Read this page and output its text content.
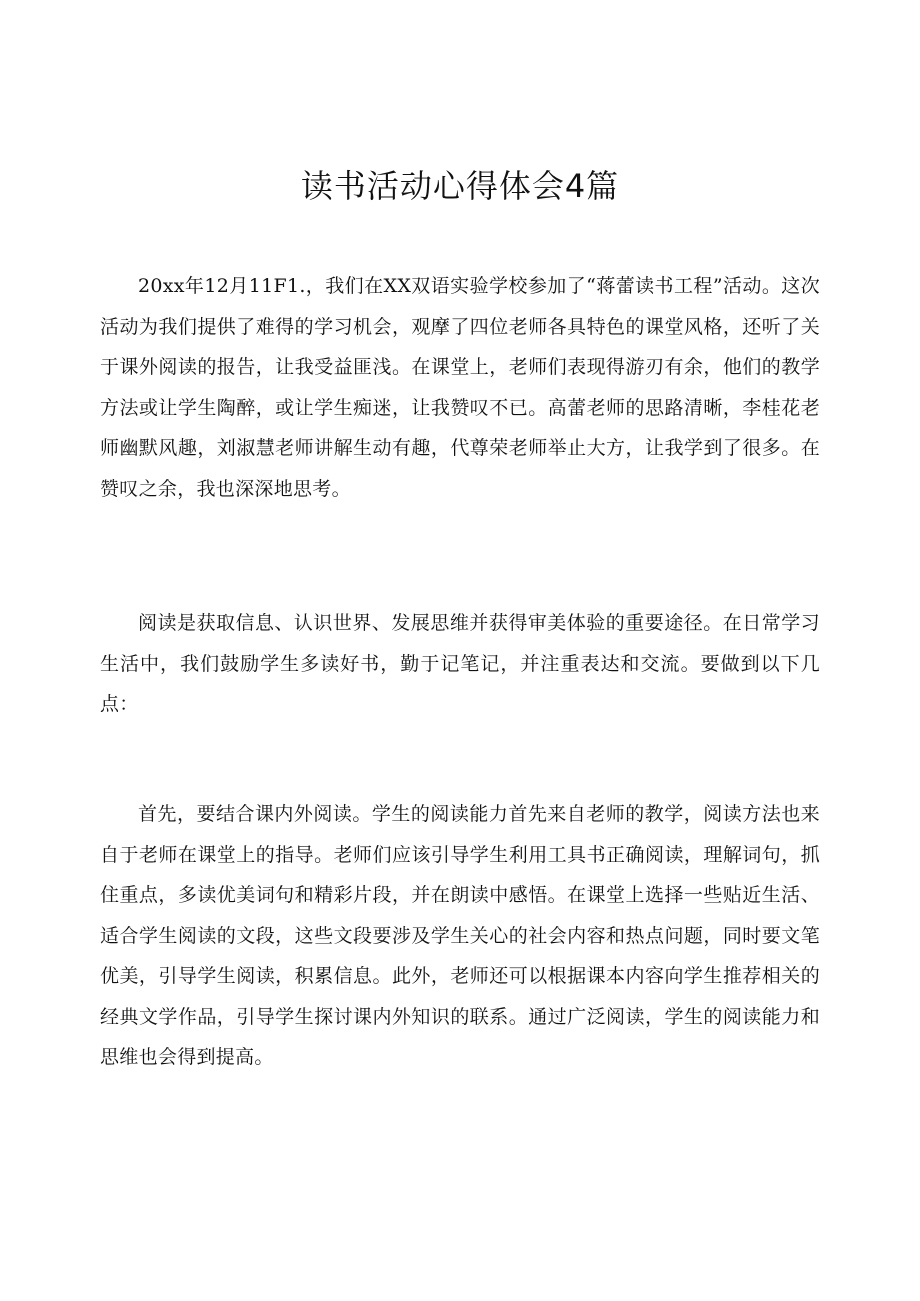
读书活动心得体会4篇

20xx年12月11F1.，我们在XX双语实验学校参加了“蒋蕾读书工程”活动。这次活动为我们提供了难得的学习机会，观摩了四位老师各具特色的课堂风格，还听了关于课外阅读的报告，让我受益匪浅。在课堂上，老师们表现得游刃有余，他们的教学方法或让学生陶醉，或让学生痴迷，让我赞叹不已。高蕾老师的思路清晰，李桂花老师幽默风趣，刘淑慧老师讲解生动有趣，代尊荣老师举止大方，让我学到了很多。在赞叹之余，我也深深地思考。

阅读是获取信息、认识世界、发展思维并获得审美体验的重要途径。在日常学习生活中，我们鼓励学生多读好书，勤于记笔记，并注重表达和交流。要做到以下几点：

首先，要结合课内外阅读。学生的阅读能力首先来自老师的教学，阅读方法也来自于老师在课堂上的指导。老师们应该引导学生利用工具书正确阅读，理解词句，抓住重点，多读优美词句和精彩片段，并在朗读中感悟。在课堂上选择一些贴近生活、适合学生阅读的文段，这些文段要涉及学生关心的社会内容和热点问题，同时要文笔优美，引导学生阅读，积累信息。此外，老师还可以根据课本内容向学生推荐相关的经典文学作品，引导学生探讨课内外知识的联系。通过广泛阅读，学生的阅读能力和思维也会得到提高。
